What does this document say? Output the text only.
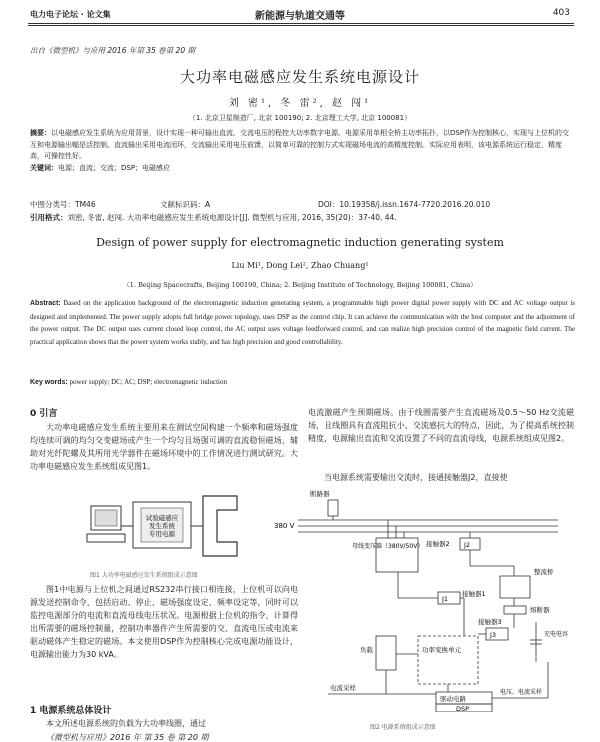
电力电子论坛 · 论文集	新能源与轨道交通等	403
出自《微型机》与应用 2016 年第 35 卷第 20 期
大功率电磁感应发生系统电源设计
刘 密¹, 冬 雷², 赵 闯¹
（1. 北京卫星制造厂, 北京 100190; 2. 北京理工大学, 北京 100081）
摘要：以电磁感应发生系统为应用背景，设计实现一种可输出直流、交流电压的程控大功率数字电源。电源采用单相全桥主功率拓扑，以DSP作为控制核心，实现与上位机的交互和电源输出幅是活控制。直流输出采用电流闭环，交流输出采用电压前馈，以简单可靠的控制方式实现磁场电流的高精度控制。实际应用表明，该电源系统运行稳定，精度高，可操控性好。
关键词：电源；直流；交流；DSP；电磁感应
中图分类号：TM46	文献标识码：A	DOI：10.19358/j.issn.1674-7720.2016.20.010
引用格式：刘密, 冬雷, 赵闯. 大功率电磁感应发生系统电源设计[J]. 微型机与应用, 2016, 35(20)：37-40, 44.
Design of power supply for electromagnetic induction generating system
Liu Mi¹, Dong Lei², Zhao Chuang¹
（1. Beijing Spacecrafts, Beijing 100190, China; 2. Beijing Institute of Technology, Beijing 100081, China）
Abstract: Based on the application background of the electromagnetic induction generating system, a programmable high power digital power supply with DC and AC voltage output is designed and implemented. The power supply adopts full bridge power topology, uses DSP as the control chip. It can achieve the communication with the host computer and the adjustment of the power output. The DC output uses current closed loop control, the AC output uses voltage feedforward control, and can realize high precision control of the magnetic field current. The practical application shows that the power system works stably, and has high precision and good controllability.
Key words: power supply; DC; AC; DSP; electromagnetic induction
0 引言
大功率电磁感应发生系统主要用来在测试空间构建一个频率和磁场强度均连续可调的均匀交变磁场或产生一个均匀且场强可调的直流稳恒磁场，辅助对光纤陀螺及其所用光学器件在磁场环境中的工作情况进行测试研究。大功率电磁感应发生系统组成见图1。
试验磁感应发生系统专用电源
图1 大功率电磁感应发生系统组成示意图
图1中电源与上位机之间通过RS232串行接口相连接，上位机可以向电源发送控制命令，包括启动、停止、磁场强度设定、频率设定等，同时可以监控电源部分的电流和直流母线电压状况。电源根据上位机的指令，计算得出所需要的磁场控制量，控制功率器件产生所需要的交、直流电压或电流来驱动磁体产生稳定的磁场。本文使用DSP作为控制核心完成电源功能设计，电源输出能力为30 kVA。
1 电源系统总体设计
本文所述电源系统的负载为大功率线圈，通过
《微型机与应用》2016 年 第 35 卷 第 20 期
电流激磁产生预期磁场。由于线圈需要产生直流磁场及0.5～50 Hz交流磁场，且线圈具有直流阻抗小、交流感抗大的特点，因此，为了提高系统控制精度，电源输出直流和交流设置了不同的直流母线，电源系统组成见图2。
当电源系统需要输出交流时，接通接触器J2，直接使
断路器
380 V
母线变压器（380V/50V） 接触器2 J2
接触器1
J1
接触器3
J3
整流桥
熔断器
充电电容
功率变换单元
负载
驱动电路
DSP
电流采样
电压、电流采样
图2 电源系统组成示意图
